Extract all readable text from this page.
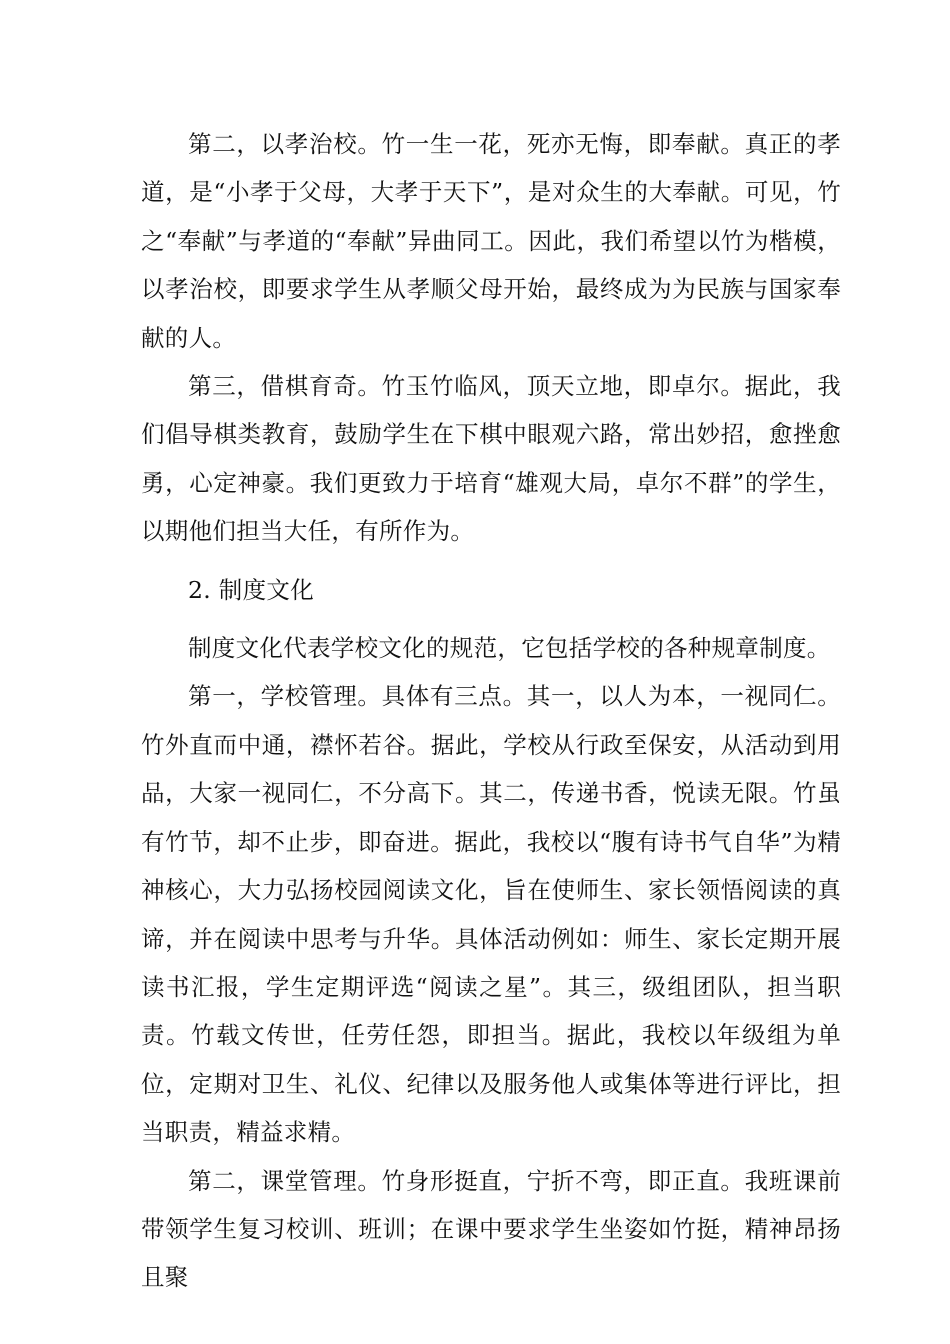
第二，以孝治校。竹一生一花，死亦无悔，即奉献。真正的孝道，是“小孝于父母，大孝于天下”，是对众生的大奉献。可见，竹之“奉献”与孝道的“奉献”异曲同工。因此，我们希望以竹为楷模，以孝治校，即要求学生从孝顺父母开始，最终成为为民族与国家奉献的人。

第三，借棋育奇。竹玉竹临风，顶天立地，即卓尔。据此，我们倡导棋类教育，鼓励学生在下棋中眼观六路，常出妙招，愈挫愈勇，心定神豪。我们更致力于培育“雄观大局，卓尔不群”的学生，以期他们担当大任，有所作为。

2. 制度文化

制度文化代表学校文化的规范，它包括学校的各种规章制度。

第一，学校管理。具体有三点。其一，以人为本，一视同仁。竹外直而中通，襟怀若谷。据此，学校从行政至保安，从活动到用品，大家一视同仁，不分高下。其二，传递书香，悦读无限。竹虽有竹节，却不止步，即奋进。据此，我校以“腹有诗书气自华”为精神核心，大力弘扬校园阅读文化，旨在使师生、家长领悟阅读的真谛，并在阅读中思考与升华。具体活动例如：师生、家长定期开展读书汇报，学生定期评选“阅读之星”。其三，级组团队，担当职责。竹载文传世，任劳任怨，即担当。据此，我校以年级组为单位，定期对卫生、礼仪、纪律以及服务他人或集体等进行评比，担当职责，精益求精。

第二，课堂管理。竹身形挺直，宁折不弯，即正直。我班课前带领学生复习校训、班训；在课中要求学生坐姿如竹挺，精神昂扬且聚
